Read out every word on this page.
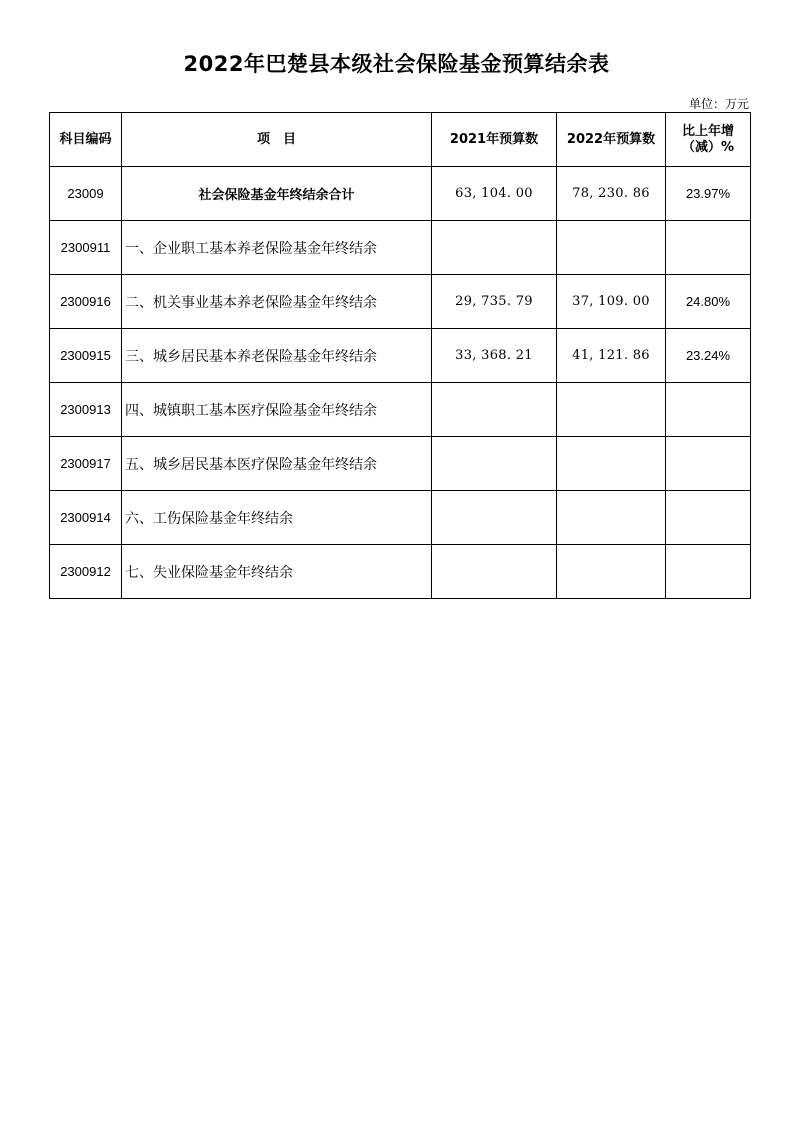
2022年巴楚县本级社会保险基金预算结余表
单位：万元
科目编码	项　目	2021年预算数	2022年预算数	比上年增（减）%
23009	社会保险基金年终结余合计	63, 104. 00	78, 230. 86	23.97%
2300911	一、企业职工基本养老保险基金年终结余			
2300916	二、机关事业基本养老保险基金年终结余	29, 735. 79	37, 109. 00	24.80%
2300915	三、城乡居民基本养老保险基金年终结余	33, 368. 21	41, 121. 86	23.24%
2300913	四、城镇职工基本医疗保险基金年终结余			
2300917	五、城乡居民基本医疗保险基金年终结余			
2300914	六、工伤保险基金年终结余			
2300912	七、失业保险基金年终结余			
